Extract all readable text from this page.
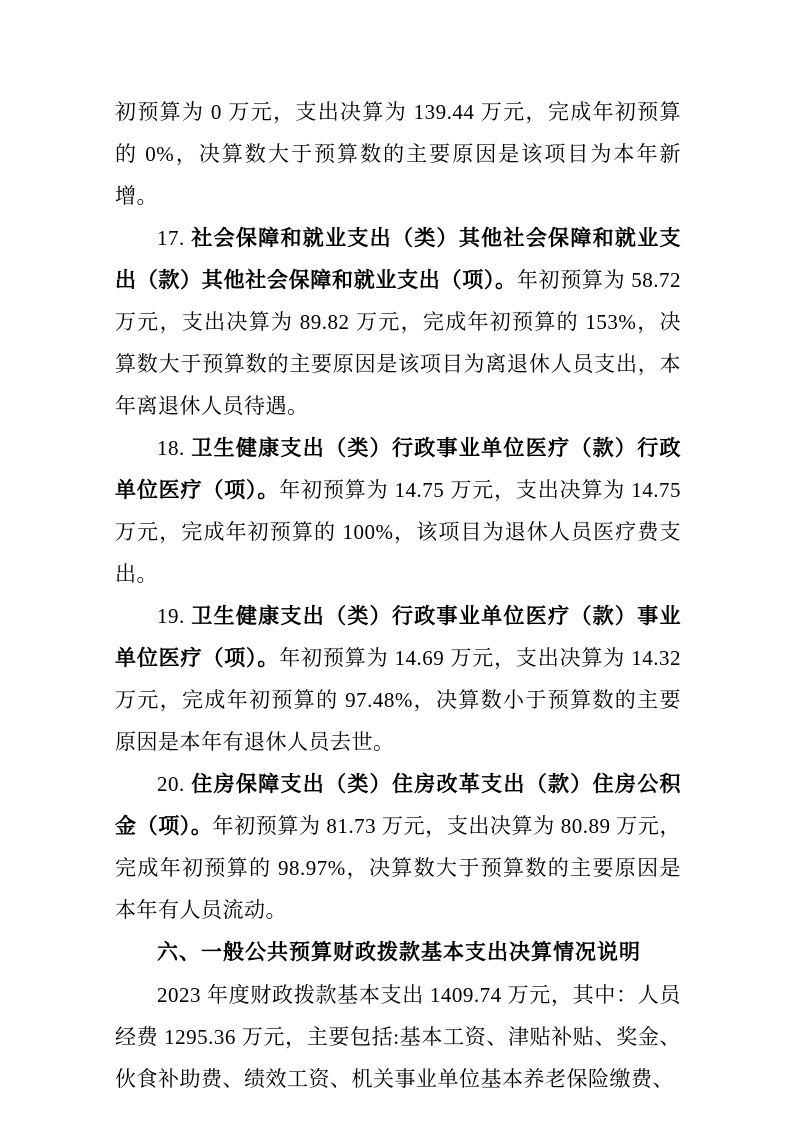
初预算为 0 万元，支出决算为 139.44 万元，完成年初预算的 0%，决算数大于预算数的主要原因是该项目为本年新增。

17. 社会保障和就业支出（类）其他社会保障和就业支出（款）其他社会保障和就业支出（项）。年初预算为 58.72 万元，支出决算为 89.82 万元，完成年初预算的 153%，决算数大于预算数的主要原因是该项目为离退休人员支出，本年离退休人员待遇。

18. 卫生健康支出（类）行政事业单位医疗（款）行政单位医疗（项）。年初预算为 14.75 万元，支出决算为 14.75 万元，完成年初预算的 100%，该项目为退休人员医疗费支出。

19. 卫生健康支出（类）行政事业单位医疗（款）事业单位医疗（项）。年初预算为 14.69 万元，支出决算为 14.32 万元，完成年初预算的 97.48%，决算数小于预算数的主要原因是本年有退休人员去世。

20. 住房保障支出（类）住房改革支出（款）住房公积金（项）。年初预算为 81.73 万元，支出决算为 80.89 万元，完成年初预算的 98.97%，决算数大于预算数的主要原因是本年有人员流动。

六、一般公共预算财政拨款基本支出决算情况说明

2023 年度财政拨款基本支出 1409.74 万元，其中：人员经费 1295.36 万元，主要包括:基本工资、津贴补贴、奖金、伙食补助费、绩效工资、机关事业单位基本养老保险缴费、
